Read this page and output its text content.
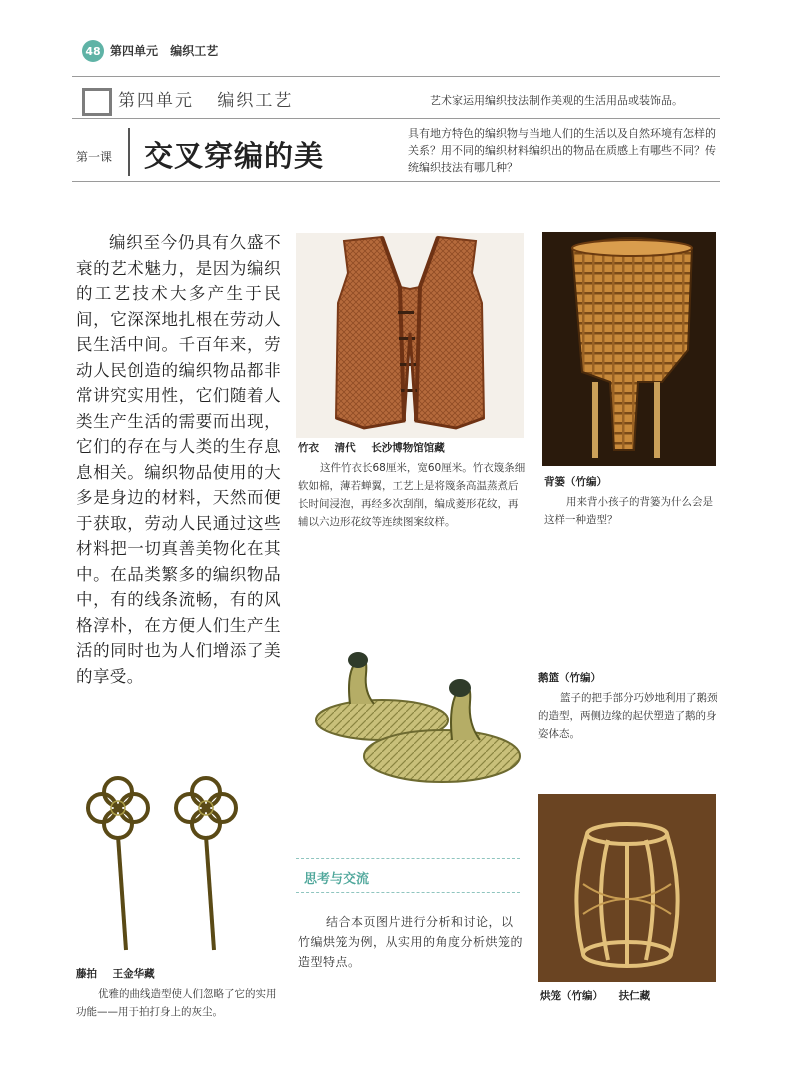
48 第四单元 编织工艺
第四单元 编织工艺	艺术家运用编织技法制作美观的生活用品或装饰品。
第一课 交叉穿编的美
具有地方特色的编织物与当地人们的生活以及自然环境有怎样的关系？用不同的编织材料编织出的物品在质感上有哪些不同？传统编织技法有哪几种？
编织至今仍具有久盛不衰的艺术魅力，是因为编织的工艺技术大多产生于民间，它深深地扎根在劳动人民生活中间。千百年来，劳动人民创造的编织物品都非常讲究实用性，它们随着人类生产生活的需要而出现，它们的存在与人类的生存息息相关。编织物品使用的大多是身边的材料，天然而便于获取，劳动人民通过这些材料把一切真善美物化在其中。在品类繁多的编织物品中，有的线条流畅，有的风格淳朴，在方便人们生产生活的同时也为人们增添了美的享受。
竹衣 清代 长沙博物馆馆藏
这件竹衣长68厘米，宽60厘米。竹衣篾条细软如棉，薄若蝉翼，工艺上是将篾条高温蒸煮后长时间浸泡，再经多次刮削，编成菱形花纹，再辅以六边形花纹等连续图案纹样。
背篓（竹编）
用来背小孩子的背篓为什么会是这样一种造型？
鹅篮（竹编）
篮子的把手部分巧妙地利用了鹅颈的造型，两侧边缘的起伏塑造了鹅的身姿体态。
藤拍 王金华藏
优雅的曲线造型使人们忽略了它的实用功能——用于拍打身上的灰尘。
思考与交流
结合本页图片进行分析和讨论，以竹编烘笼为例，从实用的角度分析烘笼的造型特点。
烘笼（竹编） 扶仁藏
